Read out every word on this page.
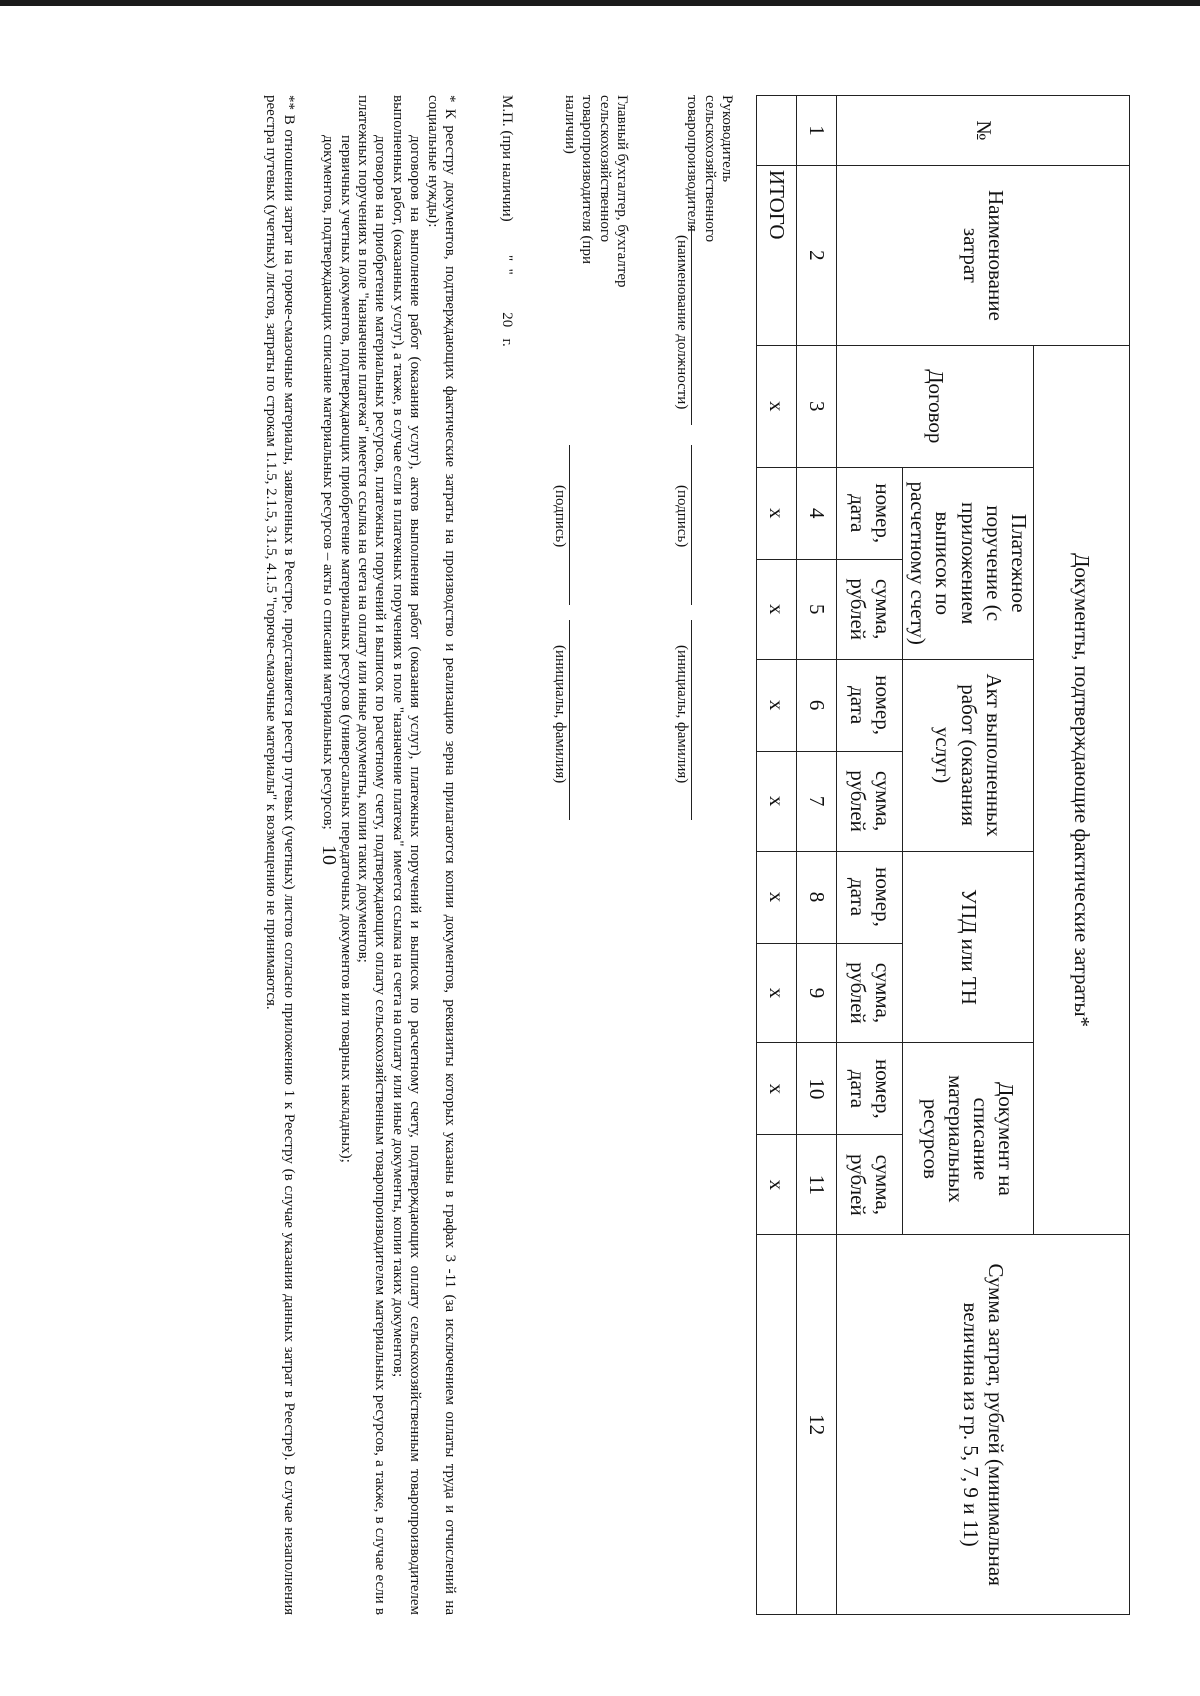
10
№	Наименование затрат	Документы, подтверждающие фактические затраты*									Сумма затрат, рублей (минимальная величина из гр. 5, 7, 9 и 11)
		Договор	Платежное поручение (с приложением выписок по расчетному счету)		Акт выполненных работ (оказания услуг)		УПД или ТН		Документ на списание материальных ресурсов		
			номер, дата	сумма, рублей	номер, дата	сумма, рублей	номер, дата	сумма, рублей	номер, дата	сумма, рублей	
1	2	3	4	5	6	7	8	9	10	11	12
	ИТОГО	х	х	х	х	х	х	х	х	х	
Руководитель сельскохозяйственного товаропроизводителя
(наименование должности)
(подпись)
(инициалы, фамилия)
Главный бухгалтер, бухгалтер сельскохозяйственного товаропроизводителя (при наличии)
(подпись)
(инициалы, фамилия)
М.П. (при наличии)
"  "          20   г.

* К реестру документов, подтверждающих фактические затраты на производство и реализацию зерна прилагаются копии документов, реквизиты которых указаны в графах 3 -11 (за исключением оплаты труда и отчислений на социальные нужды):

договоров на выполнение работ (оказания услуг), актов выполнения работ (оказания услуг), платежных поручений и выписок по расчетному счету, подтверждающих оплату сельскохозяйственным товаропроизводителем выполненных работ, (оказанных услуг), а также, в случае если в платежных поручениях в поле "назначение платежа" имеется ссылка на счета на оплату или иные документы, копии таких документов;

договоров на приобретение материальных ресурсов, платежных поручений и выписок по расчетному счету, подтверждающих оплату сельскохозяйственным товаропроизводителем материальных ресурсов, а также, в случае если в платежных поручениях в поле "назначение платежа" имеется ссылка на счета на оплату или иные документы, копии таких документов;

первичных учетных документов, подтверждающих приобретение материальных ресурсов (универсальных передаточных документов или товарных накладных);

документов, подтверждающих списание материальных ресурсов – акты о списании материальных ресурсов;

** В отношении затрат на горюче-смазочные материалы, заявленных в Реестре, представляется реестр путевых (учетных) листов согласно приложению 1 к Реестру (в случае указания данных затрат в Реестре). В случае незаполнения реестра путевых (учетных) листов, затраты по строкам 1.1.5, 2.1.5, 3.1.5, 4.1.5 "горюче-смазочные материалы" к возмещению не принимаются.
